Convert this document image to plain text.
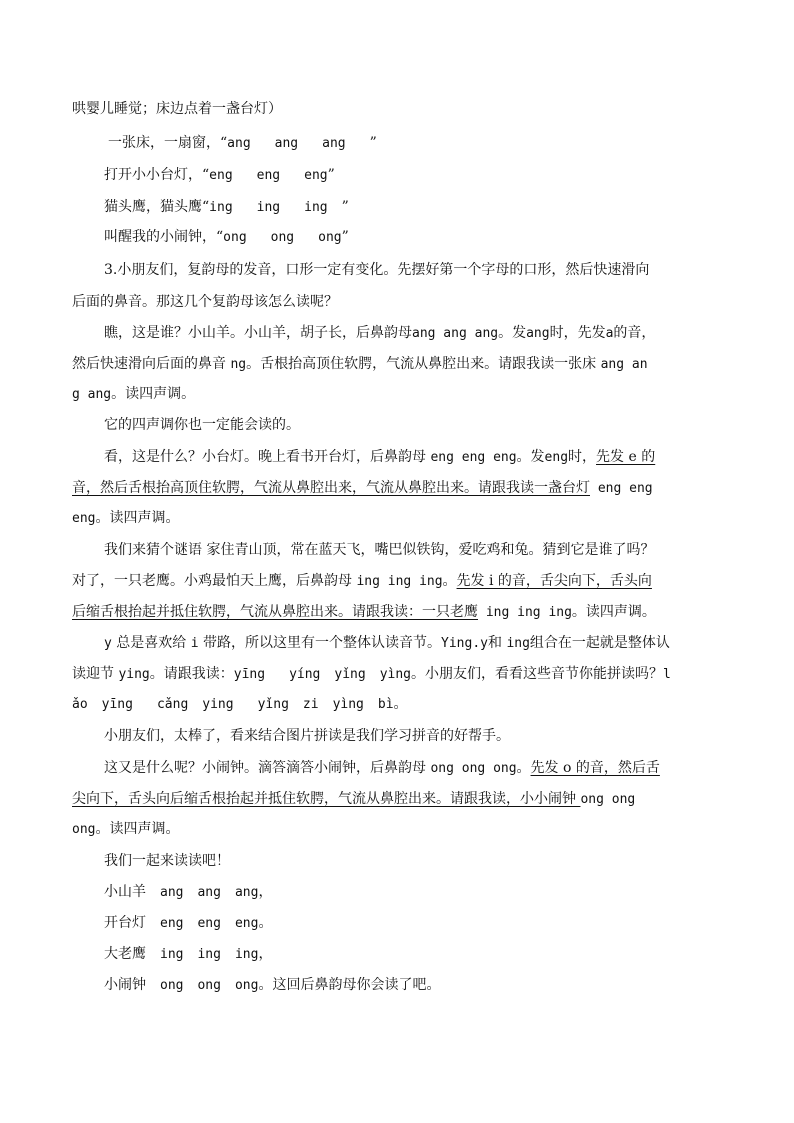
哄婴儿睡觉；床边点着一盏台灯）
一张床，一扇窗，“ang ang ang ”
打开小小台灯，“eng eng eng”
猫头鹰，猫头鹰“ing ing ing ”
叫醒我的小闹钟，“ong ong ong”
3.小朋友们，复韵母的发音，口形一定有变化。先摆好第一个字母的口形，然后快速滑向
后面的鼻音。那这几个复韵母该怎么读呢？
瞧，这是谁？小山羊。小山羊，胡子长，后鼻韵母ang ang ang。发ang时，先发a的音，
然后快速滑向后面的鼻音 ng。舌根抬高顶住软腭，气流从鼻腔出来。请跟我读一张床 ang an
g ang。读四声调。
它的四声调你也一定能会读的。
看，这是什么？小台灯。晚上看书开台灯，后鼻韵母 eng eng eng。发eng时，先发 e 的
音，然后舌根抬高顶住软腭，气流从鼻腔出来，气流从鼻腔出来。请跟我读一盏台灯 eng eng
eng。读四声调。
我们来猜个谜语 家住青山顶，常在蓝天飞，嘴巴似铁钩，爱吃鸡和兔。猜到它是谁了吗？
对了，一只老鹰。小鸡最怕天上鹰，后鼻韵母 ing ing ing。先发 i 的音，舌尖向下，舌头向
后缩舌根抬起并抵住软腭，气流从鼻腔出来。请跟我读：一只老鹰 ing ing ing。读四声调。
y 总是喜欢给 i 带路，所以这里有一个整体认读音节。Ying.y和 ing组合在一起就是整体认
读迎节 ying。请跟我读：yīng yíng yǐng yìng。小朋友们，看看这些音节你能拼读吗？l
ǎo yīng cǎng ying yǐng zi yìng bì。
小朋友们，太棒了，看来结合图片拼读是我们学习拼音的好帮手。
这又是什么呢？小闹钟。滴答滴答小闹钟，后鼻韵母 ong ong ong。先发 o 的音，然后舌
尖向下，舌头向后缩舌根抬起并抵住软腭，气流从鼻腔出来。请跟我读，小小闹钟 ong ong
ong。读四声调。
我们一起来读读吧！
小山羊 ang ang ang，
开台灯 eng eng eng。
大老鹰 ing ing ing，
小闹钟 ong ong ong。这回后鼻韵母你会读了吧。
